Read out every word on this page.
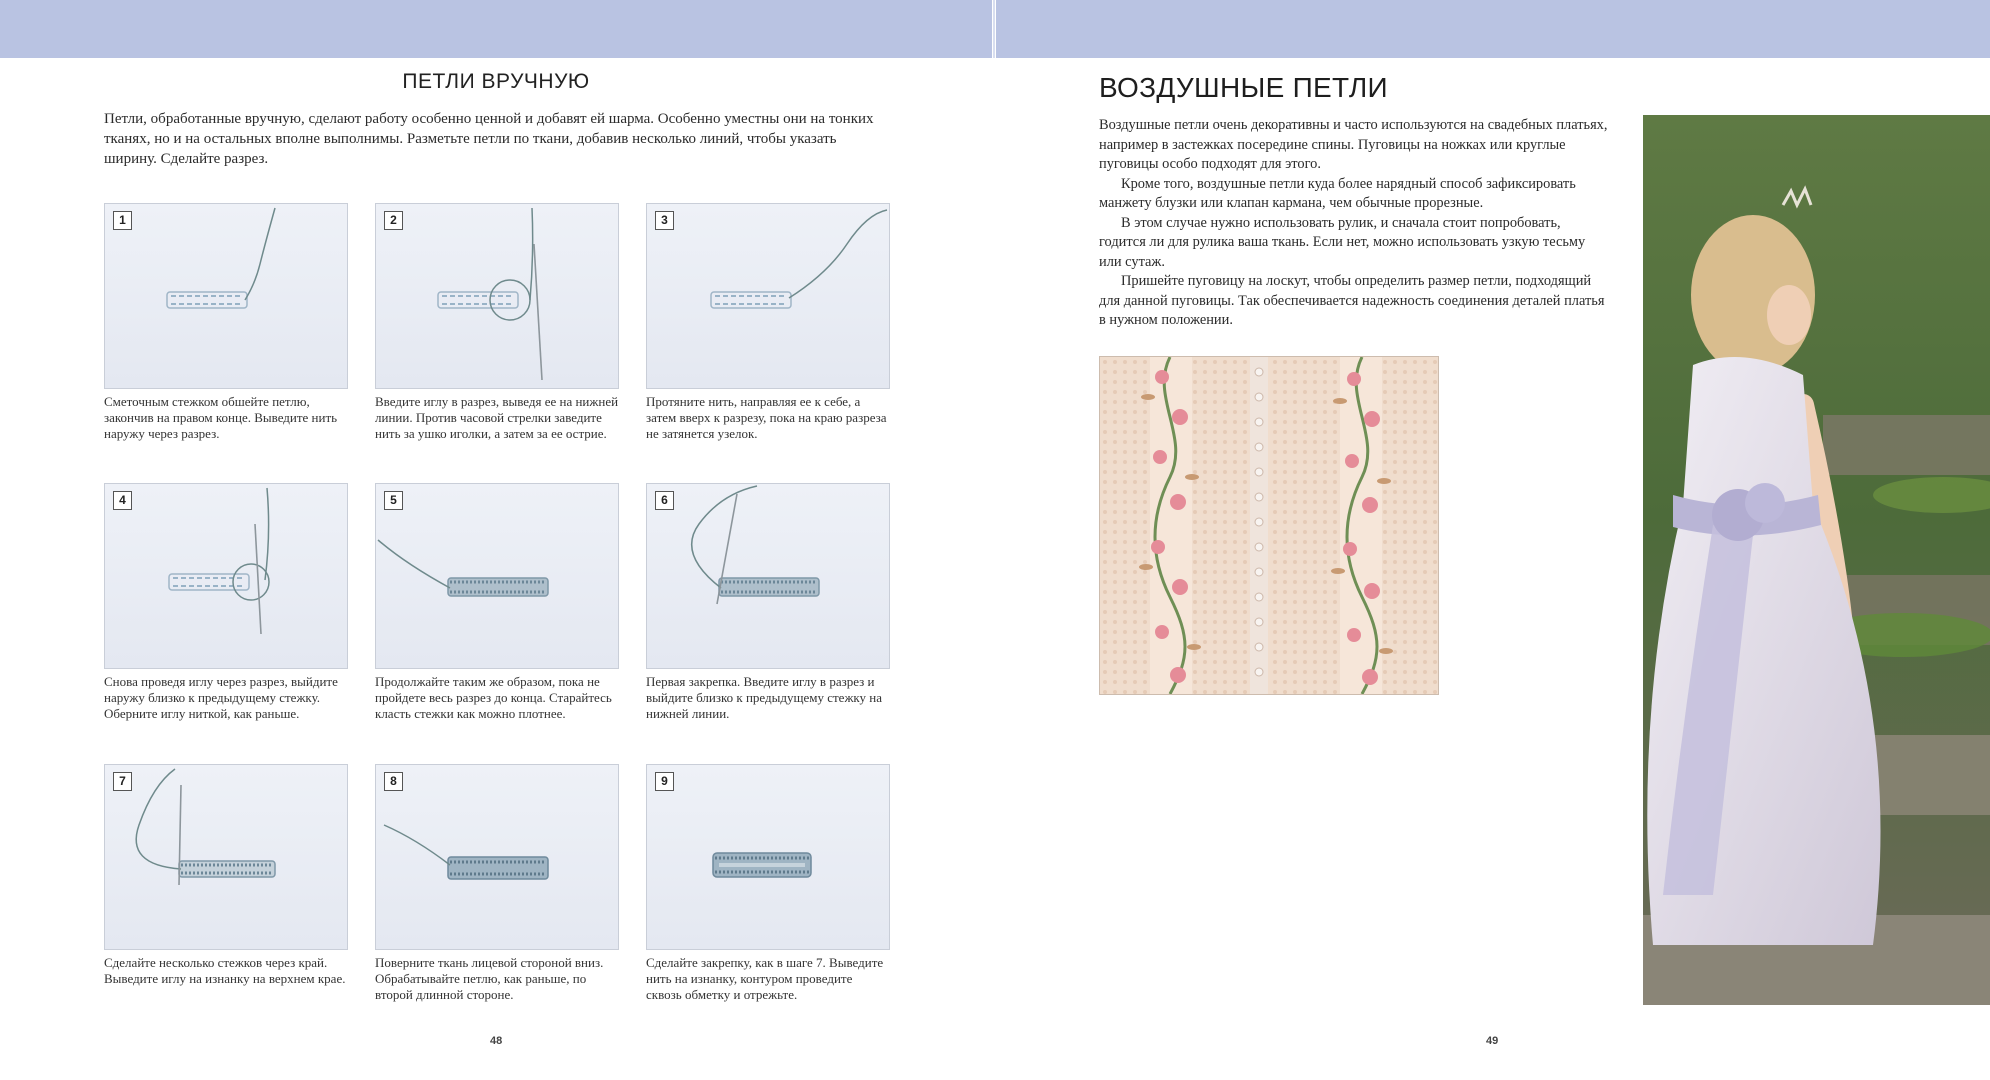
ПЕТЛИ ВРУЧНУЮ
Петли, обработанные вручную, сделают работу особенно ценной и добавят ей шарма. Особенно уместны они на тонких тканях, но и на остальных вполне выполнимы. Разметьте петли по ткани, добавив несколько линий, чтобы указать ширину. Сделайте разрез.
1
Сметочным стежком обшейте петлю, закончив на правом конце. Выведите нить наружу через разрез.
2
Введите иглу в разрез, выведя ее на нижней линии. Против часовой стрелки заведите нить за ушко иголки, а затем за ее острие.
3
Протяните нить, направляя ее к себе, а затем вверх к разрезу, пока на краю разреза не затянется узелок.
4
Снова проведя иглу через разрез, выйдите наружу близко к предыдущему стежку. Оберните иглу ниткой, как раньше.
5
Продолжайте таким же образом, пока не пройдете весь разрез до конца. Старайтесь класть стежки как можно плотнее.
6
Первая закрепка. Введите иглу в разрез и выйдите близко к предыдущему стежку на нижней линии.
7
Сделайте несколько стежков через край. Выведите иглу на изнанку на верхнем крае.
8
Поверните ткань лицевой стороной вниз. Обрабатывайте петлю, как раньше, по второй длинной стороне.
9
Сделайте закрепку, как в шаге 7. Выведите нить на изнанку, контуром проведите сквозь обметку и отрежьте.
48
ВОЗДУШНЫЕ ПЕТЛИ

Воздушные петли очень декоративны и часто используются на свадебных платьях, например в застежках посередине спины. Пуговицы на ножках или круглые пуговицы особо подходят для этого.

Кроме того, воздушные петли куда более нарядный способ зафиксировать манжету блузки или клапан кармана, чем обычные прорезные.

В этом случае нужно использовать рулик, и сначала стоит попробовать, годится ли для рулика ваша ткань. Если нет, можно использовать узкую тесьму или сутаж.

Пришейте пуговицу на лоскут, чтобы определить размер петли, подходящий для данной пуговицы. Так обеспечивается надежность соединения деталей платья в нужном положении.

49
